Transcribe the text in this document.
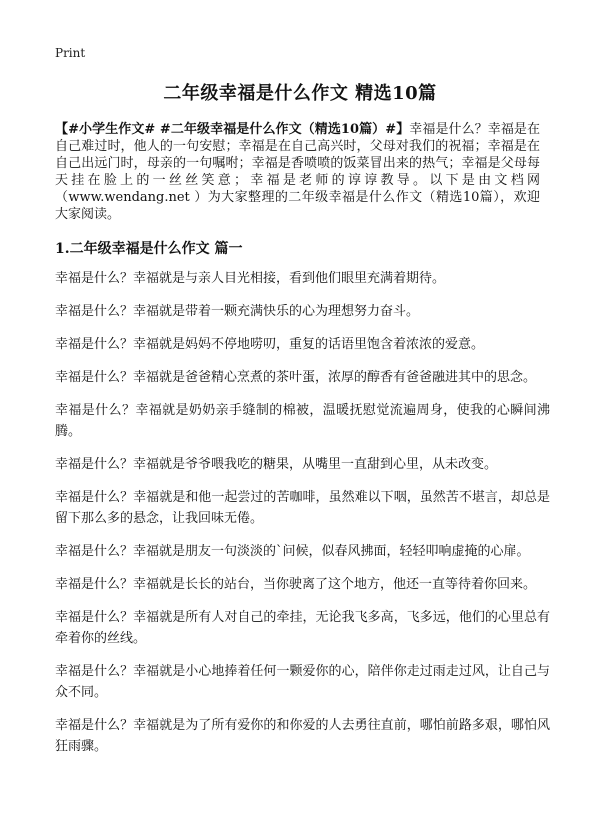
Print
二年级幸福是什么作文 精选10篇

【#小学生作文# #二年级幸福是什么作文（精选10篇）#】幸福是什么？幸福是在自己难过时，他人的一句安慰；幸福是在自己高兴时，父母对我们的祝福；幸福是在自己出远门时，母亲的一句嘱咐；幸福是香喷喷的饭菜冒出来的热气；幸福是父母每天挂在脸上的一丝丝笑意；幸福是老师的谆谆教导。以下是由文档网（www.wendang.net ）为大家整理的二年级幸福是什么作文（精选10篇），欢迎大家阅读。

1.二年级幸福是什么作文 篇一

幸福是什么？幸福就是与亲人目光相接，看到他们眼里充满着期待。

幸福是什么？幸福就是带着一颗充满快乐的心为理想努力奋斗。

幸福是什么？幸福就是妈妈不停地唠叨，重复的话语里饱含着浓浓的爱意。

幸福是什么？幸福就是爸爸精心烹煮的茶叶蛋，浓厚的醇香有爸爸融进其中的思念。

幸福是什么？幸福就是奶奶亲手缝制的棉被，温暖抚慰觉流遍周身，使我的心瞬间沸腾。

幸福是什么？幸福就是爷爷喂我吃的糖果，从嘴里一直甜到心里，从未改变。

幸福是什么？幸福就是和他一起尝过的苦咖啡，虽然难以下咽，虽然苦不堪言，却总是留下那么多的悬念，让我回味无倦。

幸福是什么？幸福就是朋友一句淡淡的`问候，似春风拂面，轻轻叩响虚掩的心扉。

幸福是什么？幸福就是长长的站台，当你驶离了这个地方，他还一直等待着你回来。

幸福是什么？幸福就是所有人对自己的牵挂，无论我飞多高，飞多远，他们的心里总有牵着你的丝线。

幸福是什么？幸福就是小心地捧着任何一颗爱你的心，陪伴你走过雨走过风，让自己与众不同。

幸福是什么？幸福就是为了所有爱你的和你爱的人去勇往直前，哪怕前路多艰，哪怕风狂雨骤。
